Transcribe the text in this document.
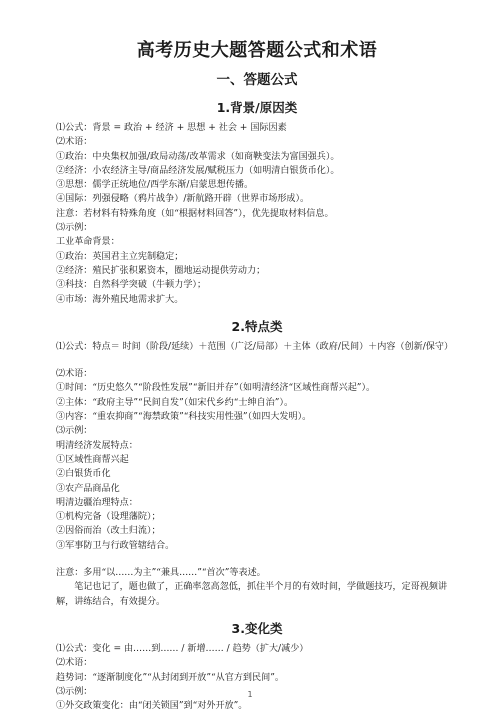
高考历史大题答题公式和术语
一、答题公式
1.背景/原因类
⑴公式：背景 = 政治 + 经济 + 思想 + 社会 + 国际因素
⑵术语：
①政治：中央集权加强/政局动荡/改革需求（如商鞅变法为富国强兵）。
②经济：小农经济主导/商品经济发展/赋税压力（如明清白银货币化）。
③思想：儒学正统地位/西学东渐/启蒙思想传播。
④国际：列强侵略（鸦片战争）/新航路开辟（世界市场形成）。
注意：若材料有特殊角度（如“根据材料回答”），优先提取材料信息。
⑶示例：
工业革命背景：
①政治：英国君主立宪制稳定；
②经济：殖民扩张积累资本，圈地运动提供劳动力；
③科技：自然科学突破（牛顿力学）；
④市场：海外殖民地需求扩大。
2.特点类
⑴公式：特点＝ 时间（阶段/延续）＋范围（广泛/局部）＋主体（政府/民间）＋内容（创新/保守）
⑵术语：
①时间：“历史悠久”“阶段性发展”“新旧并存”（如明清经济“区域性商帮兴起”）。
②主体：“政府主导”“民间自发”（如宋代乡约“士绅自治”）。
③内容：“重农抑商”“海禁政策”“科技实用性强”（如四大发明）。
⑶示例：
明清经济发展特点：
①区域性商帮兴起
②白银货币化
③农产品商品化
明清边疆治理特点：
①机构完备（设理藩院）；
②因俗而治（改土归流）；
③军事防卫与行政管辖结合。
注意：多用“以……为主”“兼具……”“首次”等表述。
笔记也记了，题也做了，正确率忽高忽低，抓住半个月的有效时间，学做题技巧，定哥视频讲解，讲练结合，有效提分。
3.变化类
⑴公式：变化 = 由……到…… / 新增…… / 趋势（扩大/减少）
⑵术语：
趋势词：“逐渐制度化”“从封闭到开放”“从官方到民间”。
⑶示例：
①外交政策变化：由“闭关锁国”到“对外开放”。
1
